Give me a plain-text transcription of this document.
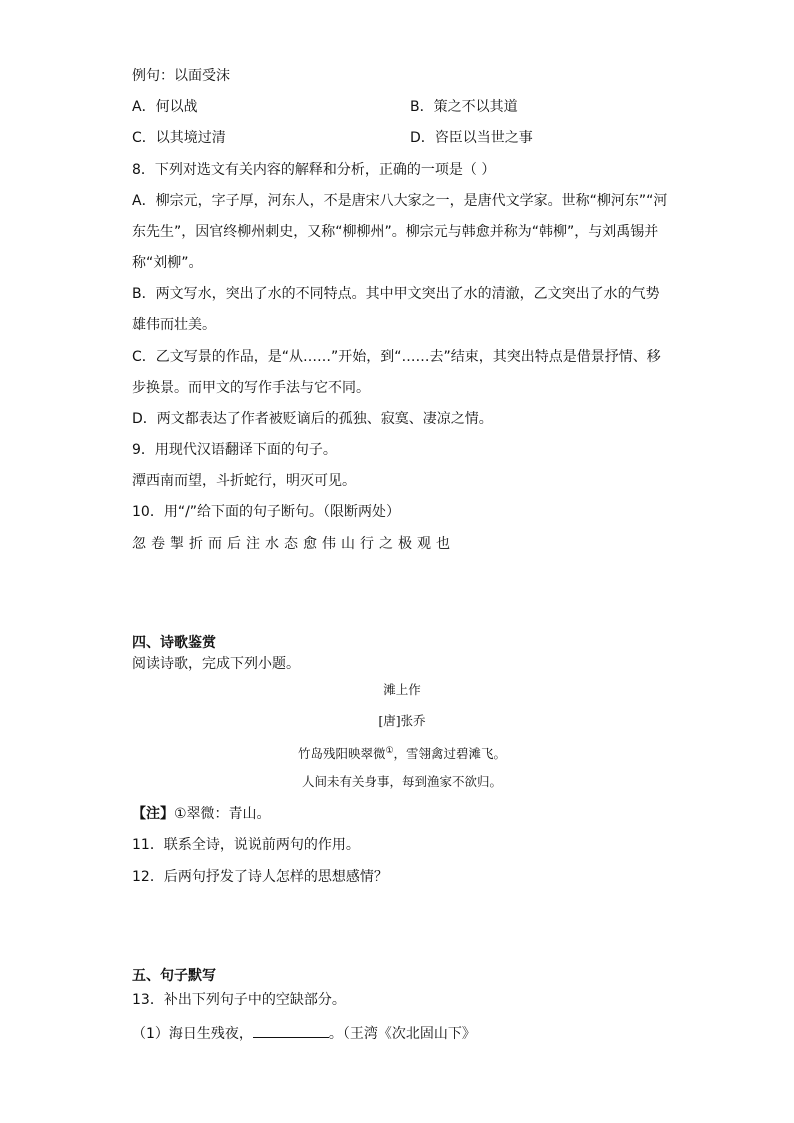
例句：以面受沫
A．何以战	B．策之不以其道
C．以其境过清	D．咨臣以当世之事
8．下列对选文有关内容的解释和分析，正确的一项是（ ）
A．柳宗元，字子厚，河东人，不是唐宋八大家之一，是唐代文学家。世称“柳河东”“河
东先生”，因官终柳州刺史，又称“柳柳州”。柳宗元与韩愈并称为“韩柳”，与刘禹锡并
称“刘柳”。
B．两文写水，突出了水的不同特点。其中甲文突出了水的清澈，乙文突出了水的气势
雄伟而壮美。
C．乙文写景的作品，是“从……”开始，到“……去”结束，其突出特点是借景抒情、移
步换景。而甲文的写作手法与它不同。
D．两文都表达了作者被贬谪后的孤独、寂寞、凄凉之情。
9．用现代汉语翻译下面的句子。
潭西南而望，斗折蛇行，明灭可见。
10．用“/”给下面的句子断句。（限断两处）
忽卷掣折而后注水态愈伟山行之极观也
四、诗歌鉴赏
阅读诗歌，完成下列小题。
滩上作
[唐]张乔
竹岛残阳映翠微①，雪翎禽过碧滩飞。
人间未有关身事，每到渔家不欲归。
【注】①翠微：青山。
11．联系全诗，说说前两句的作用。
12．后两句抒发了诗人怎样的思想感情？
五、句子默写
13．补出下列句子中的空缺部分。
（1）海日生残夜，	。（王湾《次北固山下》
